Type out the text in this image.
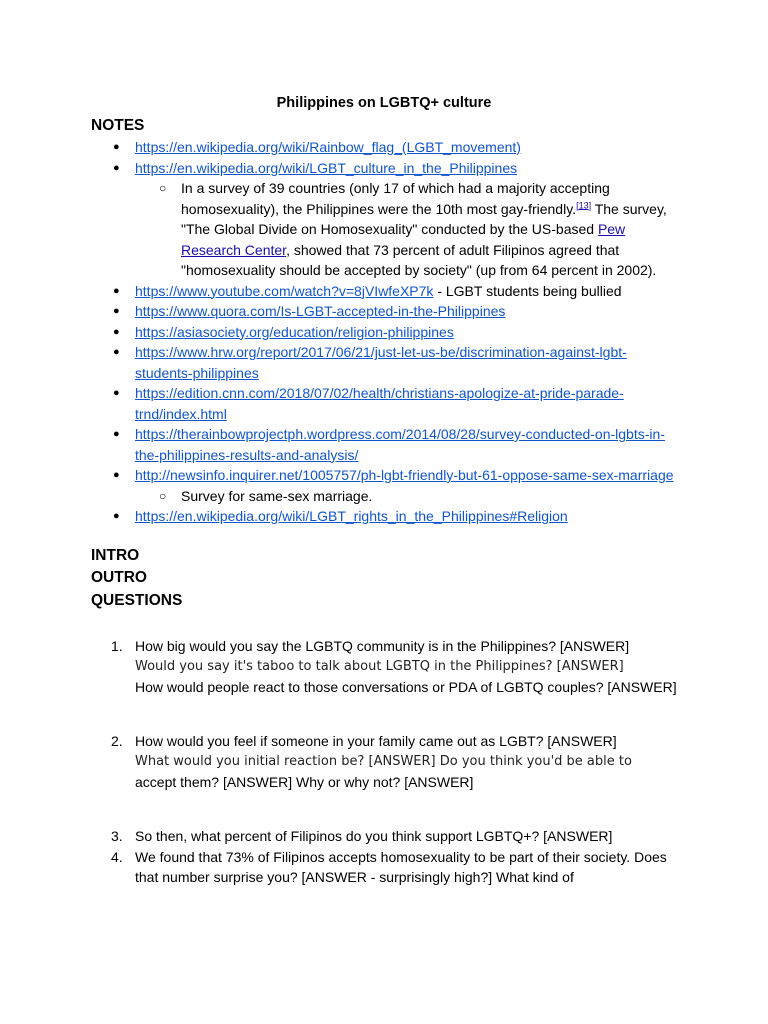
Philippines on LGBTQ+ culture
NOTES
● https://en.wikipedia.org/wiki/Rainbow_flag_(LGBT_movement)
● https://en.wikipedia.org/wiki/LGBT_culture_in_the_Philippines
○ In a survey of 39 countries (only 17 of which had a majority accepting homosexuality), the Philippines were the 10th most gay-friendly.[13] The survey, "The Global Divide on Homosexuality" conducted by the US-based Pew Research Center, showed that 73 percent of adult Filipinos agreed that "homosexuality should be accepted by society" (up from 64 percent in 2002).
● https://www.youtube.com/watch?v=8jVIwfeXP7k - LGBT students being bullied
● https://www.quora.com/Is-LGBT-accepted-in-the-Philippines
● https://asiasociety.org/education/religion-philippines
● https://www.hrw.org/report/2017/06/21/just-let-us-be/discrimination-against-lgbt-students-philippines
● https://edition.cnn.com/2018/07/02/health/christians-apologize-at-pride-parade-trnd/index.html
● https://therainbowprojectph.wordpress.com/2014/08/28/survey-conducted-on-lgbts-in-the-philippines-results-and-analysis/
● http://newsinfo.inquirer.net/1005757/ph-lgbt-friendly-but-61-oppose-same-sex-marriage
○ Survey for same-sex marriage.
● https://en.wikipedia.org/wiki/LGBT_rights_in_the_Philippines#Religion
INTRO
OUTRO
QUESTIONS
1. How big would you say the LGBTQ community is in the Philippines? [ANSWER]
Would you say it's taboo to talk about LGBTQ in the Philippines? [ANSWER]
How would people react to those conversations or PDA of LGBTQ couples? [ANSWER]
2. How would you feel if someone in your family came out as LGBT? [ANSWER]
What would you initial reaction be? [ANSWER] Do you think you'd be able to
accept them? [ANSWER] Why or why not? [ANSWER]
3. So then, what percent of Filipinos do you think support LGBTQ+? [ANSWER]
4. We found that 73% of Filipinos accepts homosexuality to be part of their society. Does that number surprise you? [ANSWER - surprisingly high?] What kind of
